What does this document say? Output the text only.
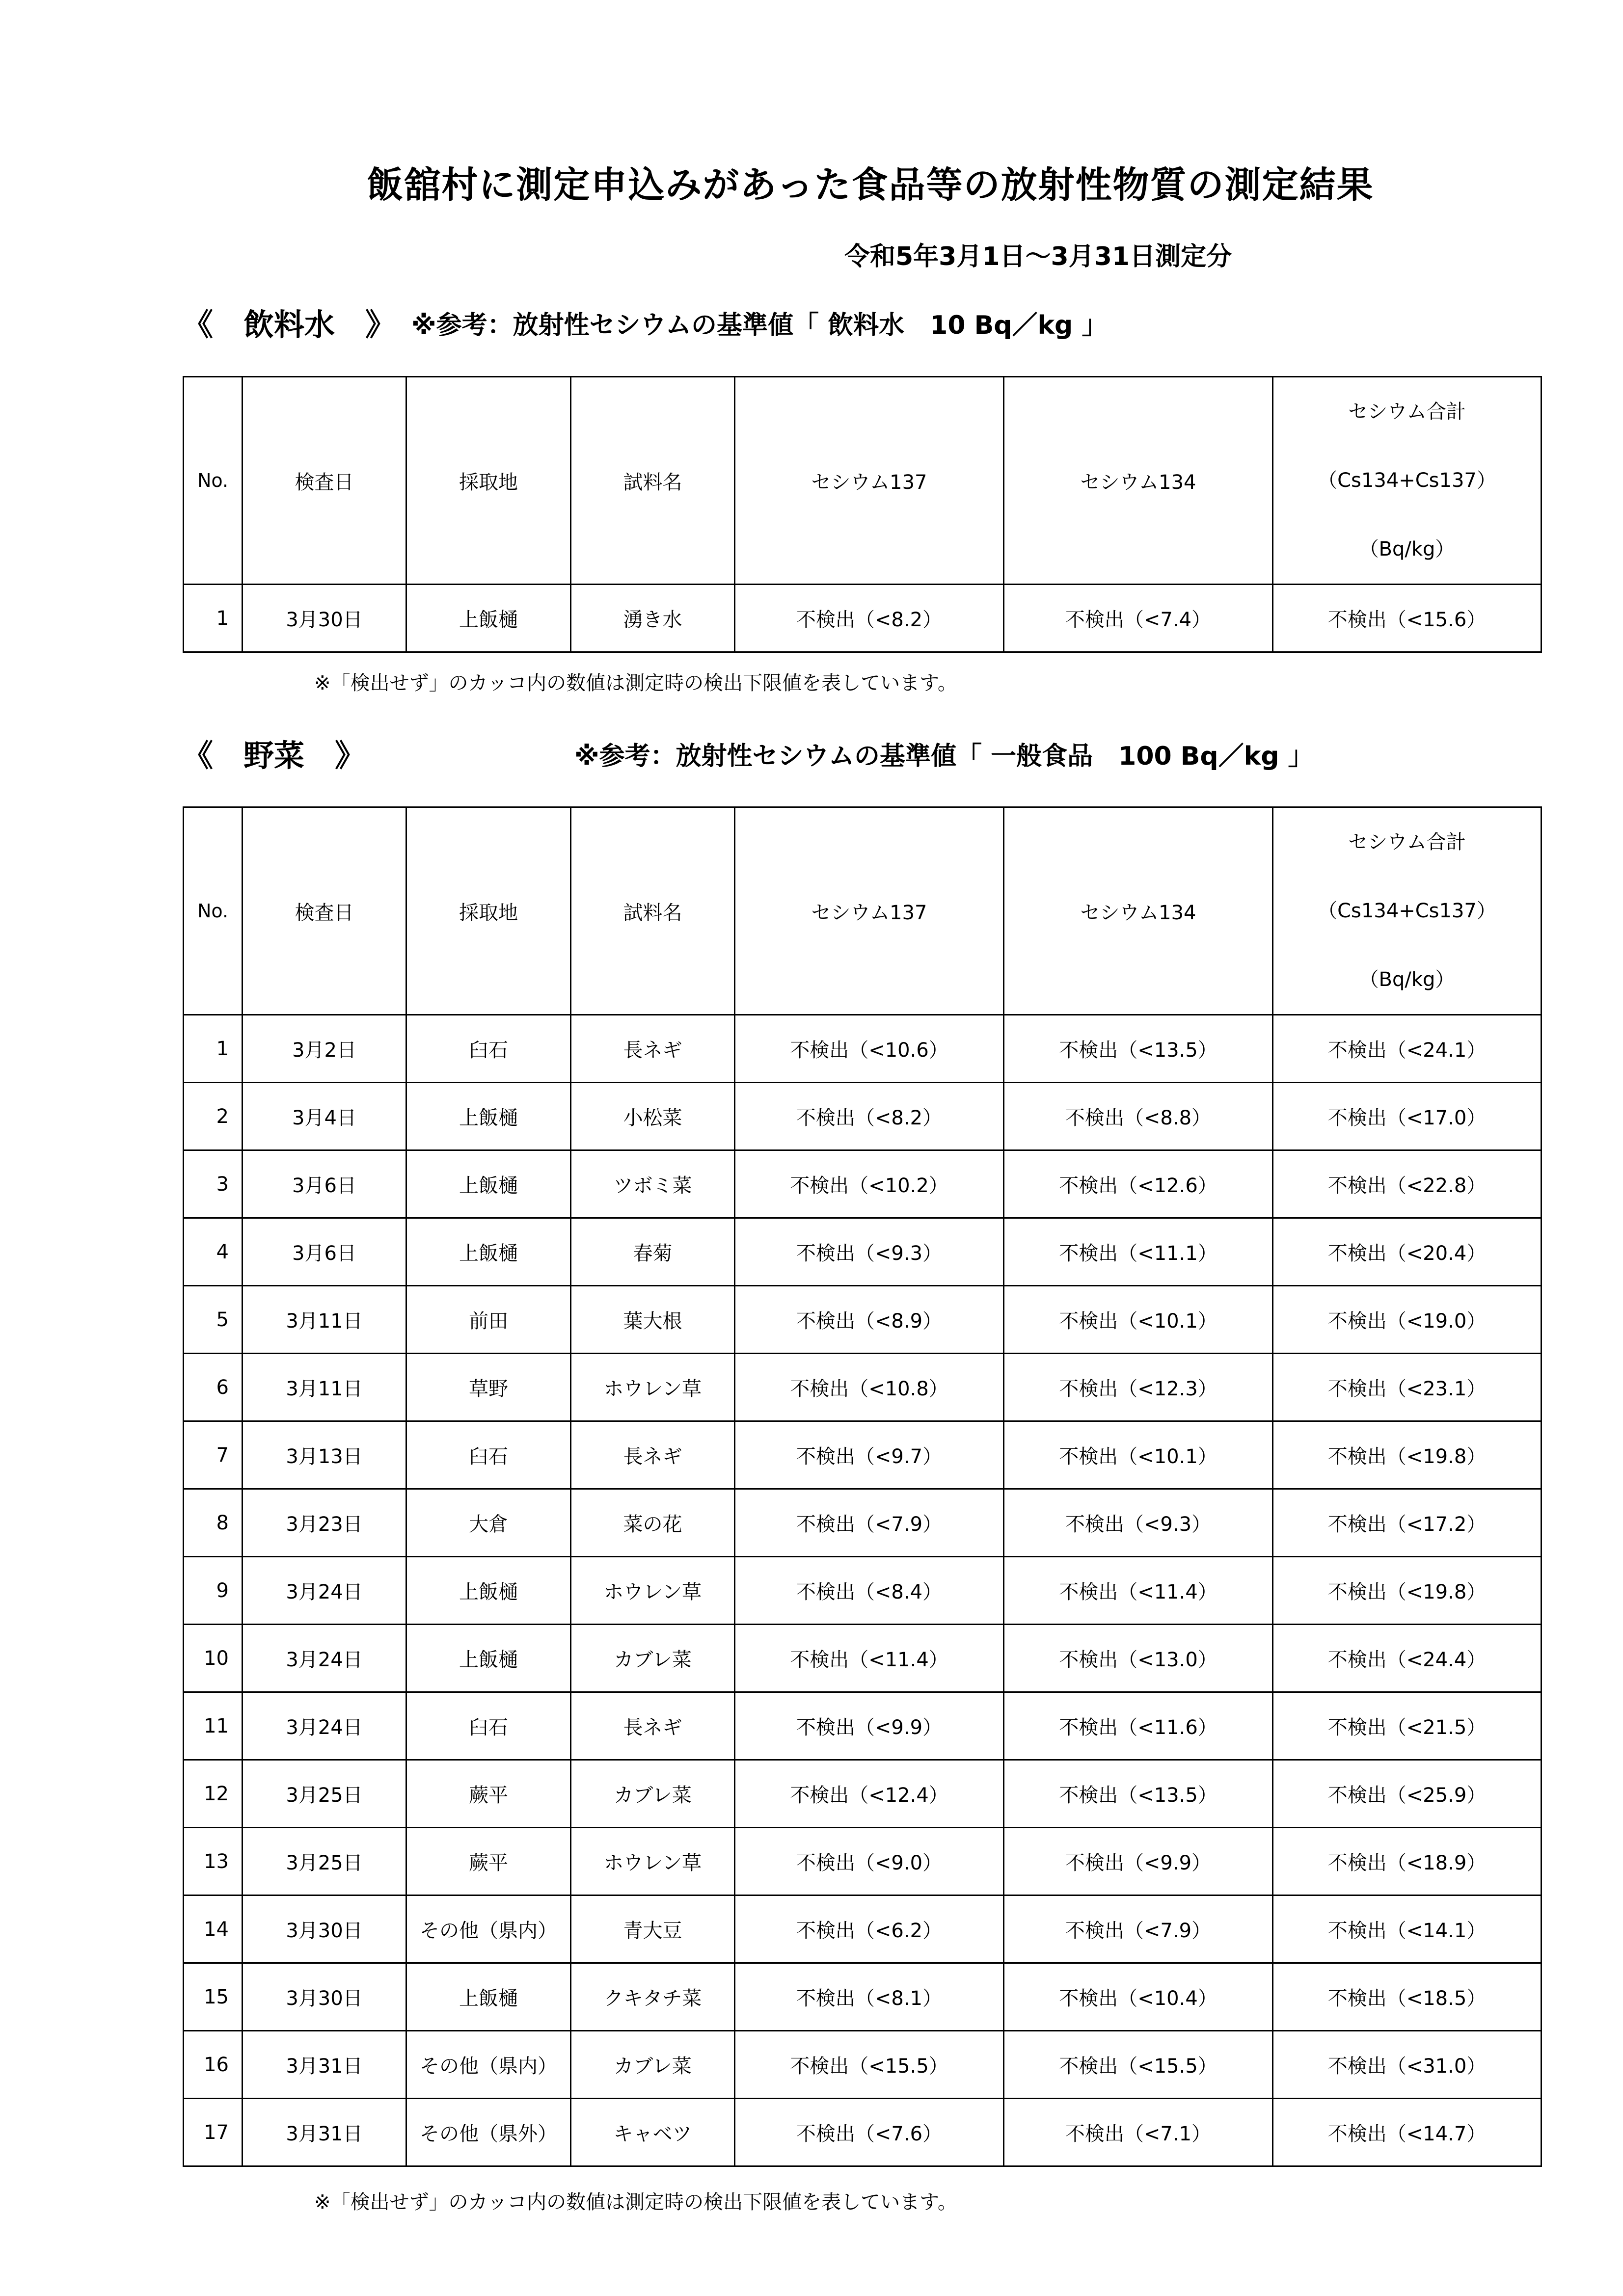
飯舘村に測定申込みがあった食品等の放射性物質の測定結果
令和5年3月1日～3月31日測定分
《　飲料水　》 ※参考：放射性セシウムの基準値「 飲料水　10 Bq／kg 」
No.	検査日	採取地	試料名	セシウム137	セシウム134	セシウム合計
（Cs134+Cs137）
（Bq/kg）

1	3月30日	上飯樋	湧き水	不検出（<8.2）	不検出（<7.4）	不検出（<15.6）
※「検出せず」のカッコ内の数値は測定時の検出下限値を表しています。
《　野菜　》	※参考：放射性セシウムの基準値「 一般食品　100 Bq／kg 」
No.	検査日	採取地	試料名	セシウム137	セシウム134	セシウム合計
（Cs134+Cs137）
（Bq/kg）

1	3月2日	臼石	長ネギ	不検出（<10.6）	不検出（<13.5）	不検出（<24.1）
2	3月4日	上飯樋	小松菜	不検出（<8.2）	不検出（<8.8）	不検出（<17.0）
3	3月6日	上飯樋	ツボミ菜	不検出（<10.2）	不検出（<12.6）	不検出（<22.8）
4	3月6日	上飯樋	春菊	不検出（<9.3）	不検出（<11.1）	不検出（<20.4）
5	3月11日	前田	葉大根	不検出（<8.9）	不検出（<10.1）	不検出（<19.0）
6	3月11日	草野	ホウレン草	不検出（<10.8）	不検出（<12.3）	不検出（<23.1）
7	3月13日	臼石	長ネギ	不検出（<9.7）	不検出（<10.1）	不検出（<19.8）
8	3月23日	大倉	菜の花	不検出（<7.9）	不検出（<9.3）	不検出（<17.2）
9	3月24日	上飯樋	ホウレン草	不検出（<8.4）	不検出（<11.4）	不検出（<19.8）
10	3月24日	上飯樋	カブレ菜	不検出（<11.4）	不検出（<13.0）	不検出（<24.4）
11	3月24日	臼石	長ネギ	不検出（<9.9）	不検出（<11.6）	不検出（<21.5）
12	3月25日	蕨平	カブレ菜	不検出（<12.4）	不検出（<13.5）	不検出（<25.9）
13	3月25日	蕨平	ホウレン草	不検出（<9.0）	不検出（<9.9）	不検出（<18.9）
14	3月30日	その他（県内）	青大豆	不検出（<6.2）	不検出（<7.9）	不検出（<14.1）
15	3月30日	上飯樋	クキタチ菜	不検出（<8.1）	不検出（<10.4）	不検出（<18.5）
16	3月31日	その他（県内）	カブレ菜	不検出（<15.5）	不検出（<15.5）	不検出（<31.0）
17	3月31日	その他（県外）	キャベツ	不検出（<7.6）	不検出（<7.1）	不検出（<14.7）
※「検出せず」のカッコ内の数値は測定時の検出下限値を表しています。
